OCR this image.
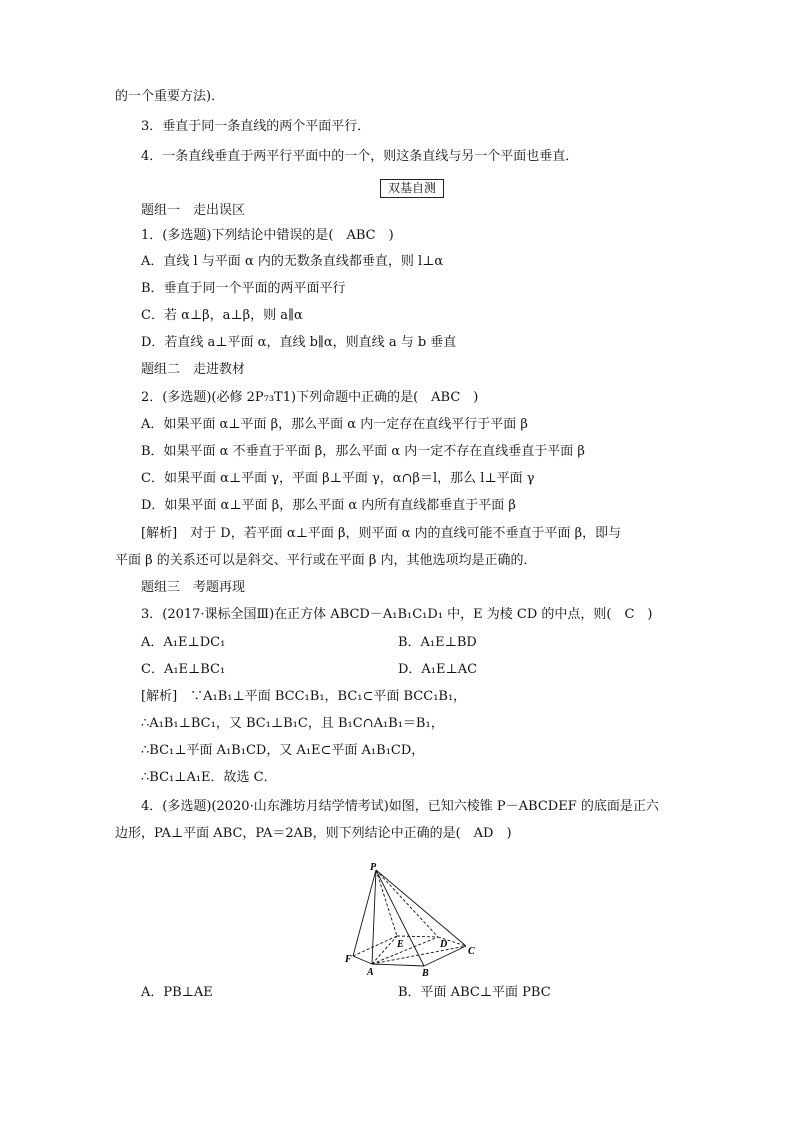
的一个重要方法)．
3．垂直于同一条直线的两个平面平行．
4．一条直线垂直于两平行平面中的一个，则这条直线与另一个平面也垂直．
题组一　走出误区
1．(多选题)下列结论中错误的是(　ABC　)
A．直线 l 与平面 α 内的无数条直线都垂直，则 l⊥α
B．垂直于同一个平面的两平面平行
C．若 α⊥β，a⊥β，则 a∥α
D．若直线 a⊥平面 α，直线 b∥α，则直线 a 与 b 垂直
题组二　走进教材
2．(多选题)(必修 2P₇₃T1)下列命题中正确的是(　ABC　)
A．如果平面 α⊥平面 β，那么平面 α 内一定存在直线平行于平面 β
B．如果平面 α 不垂直于平面 β，那么平面 α 内一定不存在直线垂直于平面 β
C．如果平面 α⊥平面 γ，平面 β⊥平面 γ，α∩β＝l，那么 l⊥平面 γ
D．如果平面 α⊥平面 β，那么平面 α 内所有直线都垂直于平面 β
[解析]　对于 D，若平面 α⊥平面 β，则平面 α 内的直线可能不垂直于平面 β，即与
平面 β 的关系还可以是斜交、平行或在平面 β 内，其他选项均是正确的．
题组三　考题再现
3．(2017·课标全国Ⅲ)在正方体 ABCD－A₁B₁C₁D₁ 中，E 为棱 CD 的中点，则(　C　)
A．A₁E⊥DC₁	B．A₁E⊥BD
C．A₁E⊥BC₁	D．A₁E⊥AC
[解析]　∵A₁B₁⊥平面 BCC₁B₁，BC₁⊂平面 BCC₁B₁，
∴A₁B₁⊥BC₁，又 BC₁⊥B₁C，且 B₁C∩A₁B₁＝B₁，
∴BC₁⊥平面 A₁B₁CD，又 A₁E⊂平面 A₁B₁CD，
∴BC₁⊥A₁E．故选 C．
4．(多选题)(2020·山东潍坊月结学情考试)如图，已知六棱锥 P－ABCDEF 的底面是正六
边形，PA⊥平面 ABC，PA＝2AB，则下列结论中正确的是(　AD　)
A．PB⊥AE	B．平面 ABC⊥平面 PBC
双基自测
P
A	B
C
D
E
F
